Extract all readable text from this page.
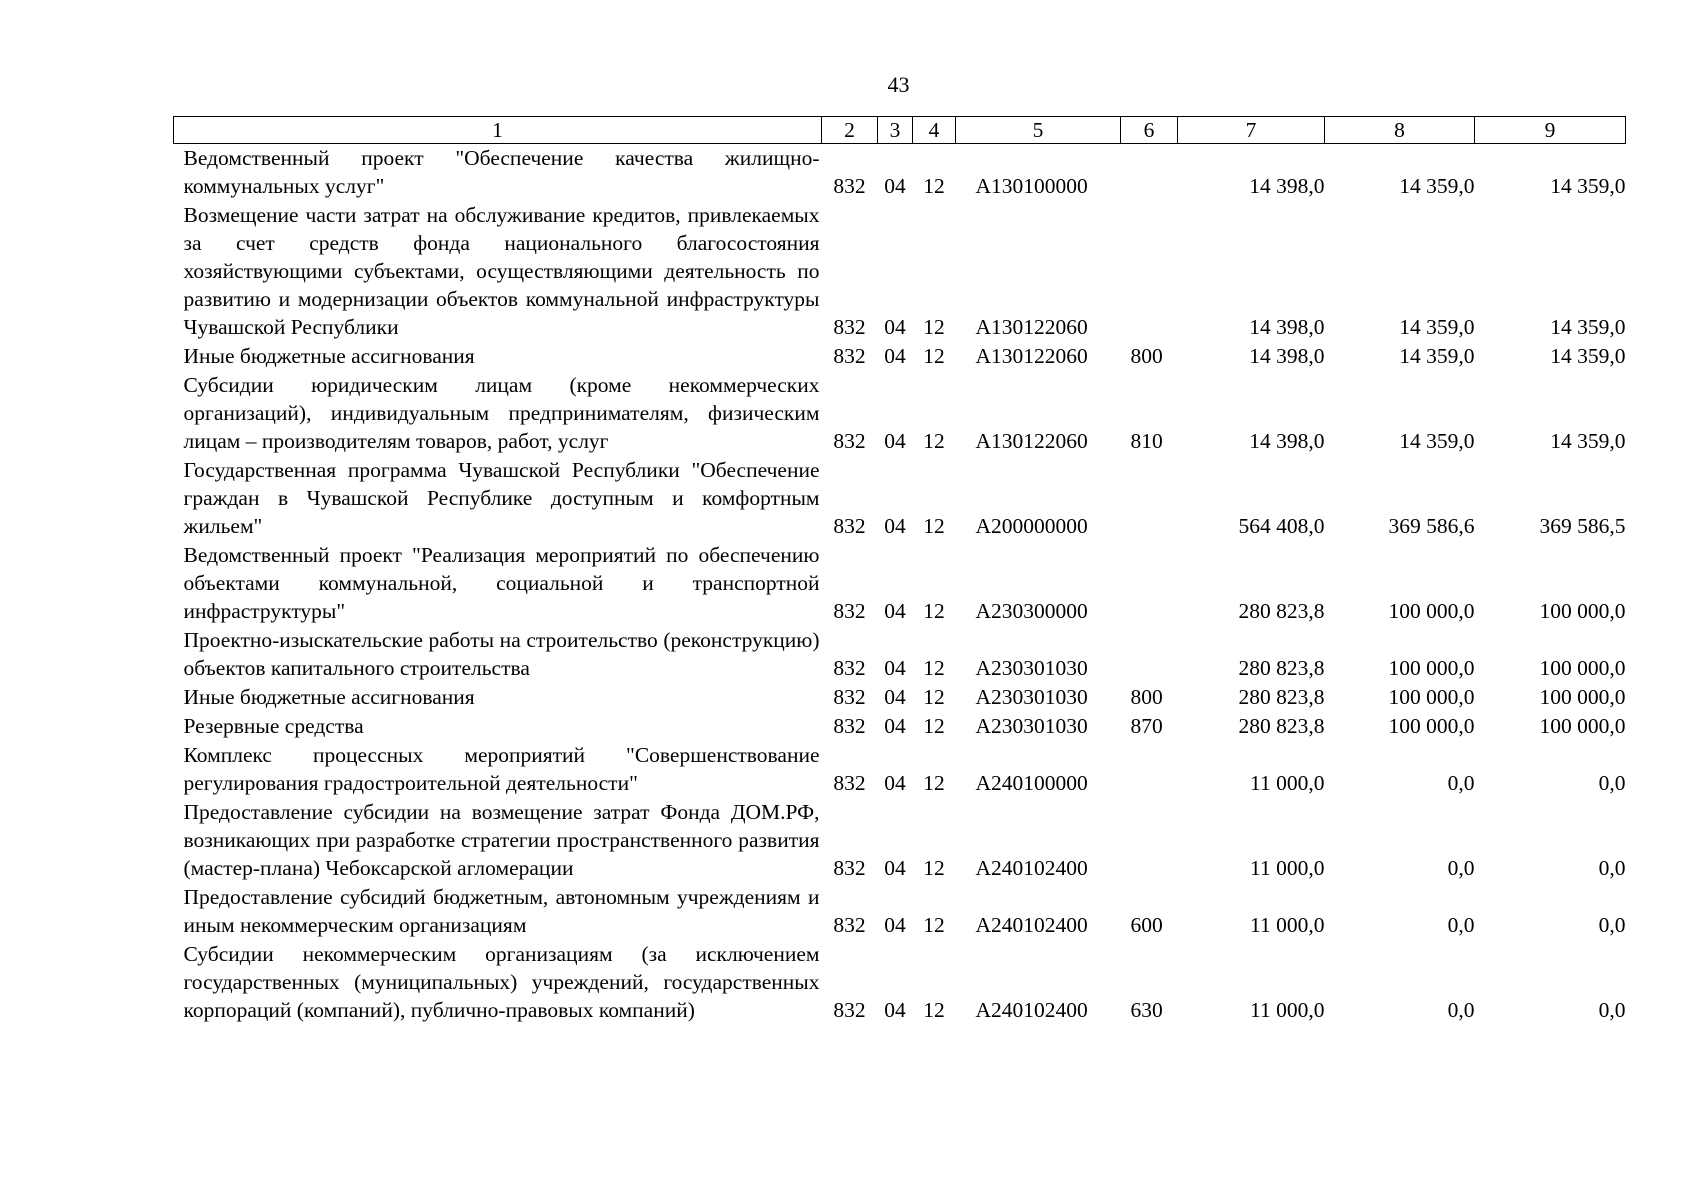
43
1	2	3	4	5	6	7	8	9
Ведомственный проект "Обеспечение качества жилищно-коммунальных услуг"	832	04	12	А130100000		14 398,0	14 359,0	14 359,0
Возмещение части затрат на обслуживание кредитов, привлекаемых за счет средств фонда национального благосостояния хозяйствующими субъектами, осуществляющими деятельность по развитию и модернизации объектов коммунальной инфраструктуры Чувашской Республики	832	04	12	А130122060		14 398,0	14 359,0	14 359,0
Иные бюджетные ассигнования	832	04	12	А130122060	800	14 398,0	14 359,0	14 359,0
Субсидии юридическим лицам (кроме некоммерческих организаций), индивидуальным предпринимателям, физическим лицам – производителям товаров, работ, услуг	832	04	12	А130122060	810	14 398,0	14 359,0	14 359,0
Государственная программа Чувашской Республики "Обеспечение граждан в Чувашской Республике доступным и комфортным жильем"	832	04	12	А200000000		564 408,0	369 586,6	369 586,5
Ведомственный проект "Реализация мероприятий по обеспечению объектами коммунальной, социальной и транспортной инфраструктуры"	832	04	12	А230300000		280 823,8	100 000,0	100 000,0
Проектно-изыскательские работы на строительство (реконструкцию) объектов капитального строительства	832	04	12	А230301030		280 823,8	100 000,0	100 000,0
Иные бюджетные ассигнования	832	04	12	А230301030	800	280 823,8	100 000,0	100 000,0
Резервные средства	832	04	12	А230301030	870	280 823,8	100 000,0	100 000,0
Комплекс процессных мероприятий "Совершенствование регулирования градостроительной деятельности"	832	04	12	А240100000		11 000,0	0,0	0,0
Предоставление субсидии на возмещение затрат Фонда ДОМ.РФ, возникающих при разработке стратегии пространственного развития (мастер-плана) Чебоксарской агломерации	832	04	12	А240102400		11 000,0	0,0	0,0
Предоставление субсидий бюджетным, автономным учреждениям и иным некоммерческим организациям	832	04	12	А240102400	600	11 000,0	0,0	0,0
Субсидии некоммерческим организациям (за исключением государственных (муниципальных) учреждений, государственных корпораций (компаний), публично-правовых компаний)	832	04	12	А240102400	630	11 000,0	0,0	0,0
